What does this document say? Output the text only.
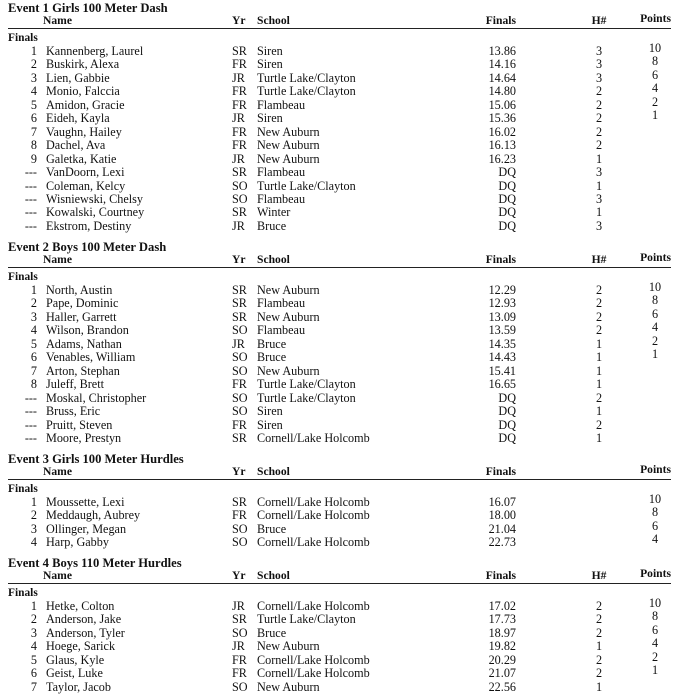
Event 1 Girls 100 Meter Dash
Name	Yr School	Finals	H#	Points
Finals
1 Kannenberg, Laurel	SR Siren	13.86	3	10
2 Buskirk, Alexa	FR Siren	14.16	3	8
3 Lien, Gabbie	JR Turtle Lake/Clayton	14.64	3	6
4 Monio, Falccia	FR Turtle Lake/Clayton	14.80	2	4
5 Amidon, Gracie	FR Flambeau	15.06	2	2
6 Eideh, Kayla	JR Siren	15.36	2	1
7 Vaughn, Hailey	FR New Auburn	16.02	2
8 Dachel, Ava	FR New Auburn	16.13	2
9 Galetka, Katie	JR New Auburn	16.23	1
--- VanDoorn, Lexi	SR Flambeau	DQ	3
--- Coleman, Kelcy	SO Turtle Lake/Clayton	DQ	1
--- Wisniewski, Chelsy	SO Flambeau	DQ	3
--- Kowalski, Courtney	SR Winter	DQ	1
--- Ekstrom, Destiny	JR Bruce	DQ	3
Event 2 Boys 100 Meter Dash
Name	Yr School	Finals	H#	Points
Finals
1 North, Austin	SR New Auburn	12.29	2	10
2 Pape, Dominic	SR Flambeau	12.93	2	8
3 Haller, Garrett	SR New Auburn	13.09	2	6
4 Wilson, Brandon	SO Flambeau	13.59	2	4
5 Adams, Nathan	JR Bruce	14.35	1	2
6 Venables, William	SO Bruce	14.43	1	1
7 Arton, Stephan	SO New Auburn	15.41	1
8 Juleff, Brett	FR Turtle Lake/Clayton	16.65	1
--- Moskal, Christopher	SO Turtle Lake/Clayton	DQ	2
--- Bruss, Eric	SO Siren	DQ	1
--- Pruitt, Steven	FR Siren	DQ	2
--- Moore, Prestyn	SR Cornell/Lake Holcomb	DQ	1
Event 3 Girls 100 Meter Hurdles
Name	Yr School	Finals	Points
Finals
1 Moussette, Lexi	SR Cornell/Lake Holcomb	16.07	10
2 Meddaugh, Aubrey	FR Cornell/Lake Holcomb	18.00	8
3 Ollinger, Megan	SO Bruce	21.04	6
4 Harp, Gabby	SO Cornell/Lake Holcomb	22.73	4
Event 4 Boys 110 Meter Hurdles
Name	Yr School	Finals	H#	Points
Finals
1 Hetke, Colton	JR Cornell/Lake Holcomb	17.02	2	10
2 Anderson, Jake	SR Turtle Lake/Clayton	17.73	2	8
3 Anderson, Tyler	SO Bruce	18.97	2	6
4 Hoege, Sarick	JR New Auburn	19.82	1	4
5 Glaus, Kyle	FR Cornell/Lake Holcomb	20.29	2	2
6 Geist, Luke	FR Cornell/Lake Holcomb	21.07	2	1
7 Taylor, Jacob	SO New Auburn	22.56	1
